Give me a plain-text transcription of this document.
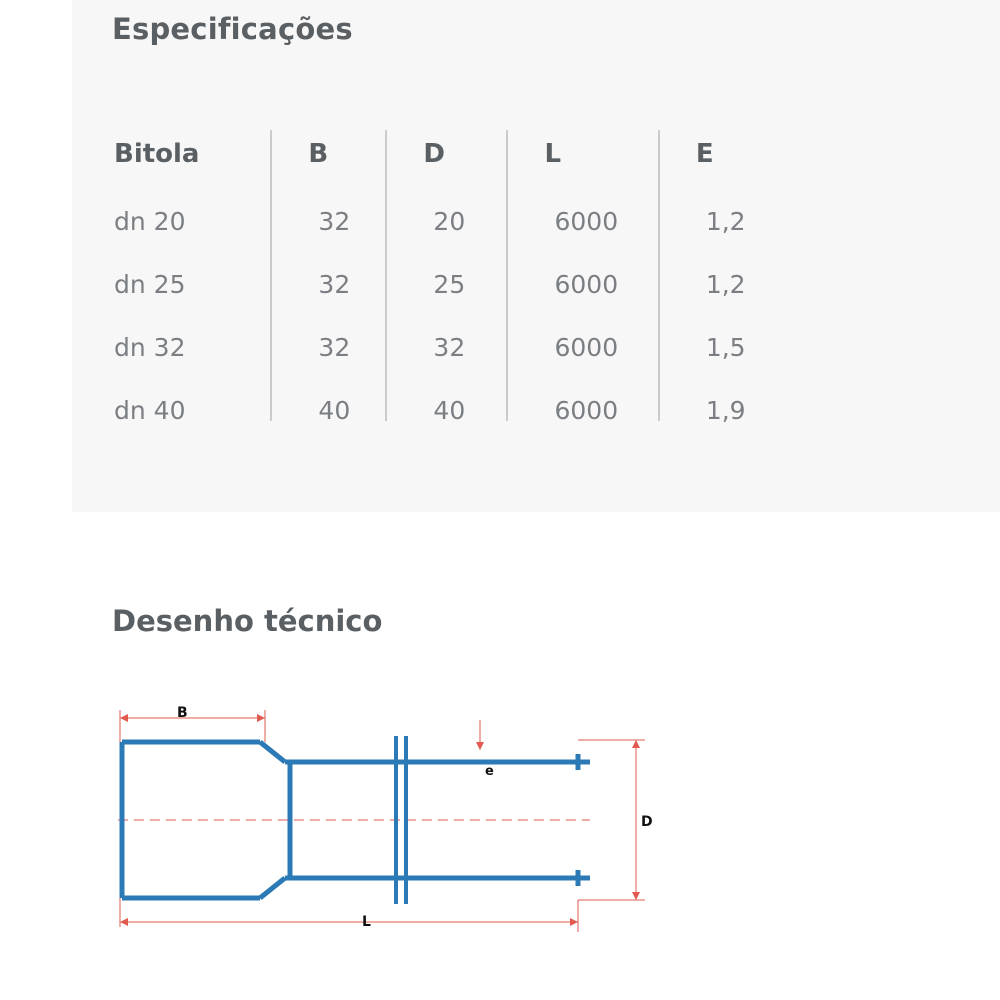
Especificações
Bitola	B	D	L	E
dn 20	32	20	6000	1,2
dn 25	32	25	6000	1,2
dn 32	32	32	6000	1,5
dn 40	40	40	6000	1,9
Desenho técnico
B
e
D
L
